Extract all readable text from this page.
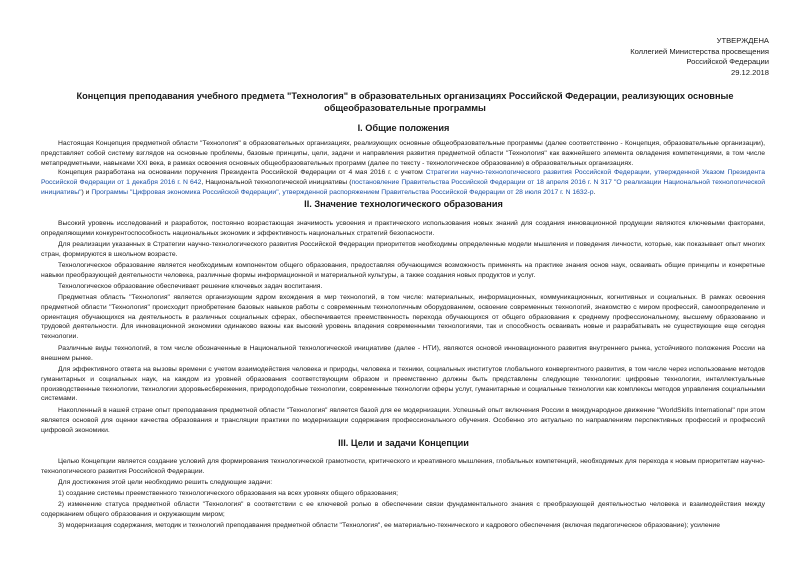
УТВЕРЖДЕНА
Коллегией Министерства просвещения
Российской Федерации
29.12.2018
Концепция преподавания учебного предмета "Технология" в образовательных организациях Российской Федерации, реализующих основные общеобразовательные программы
I. Общие положения
Настоящая Концепция предметной области "Технология" в образовательных организациях, реализующих основные общеобразовательные программы (далее соответственно - Концепция, образовательные организации), представляет собой систему взглядов на основные проблемы, базовые принципы, цели, задачи и направления развития предметной области "Технология" как важнейшего элемента овладения компетенциями, в том числе метапредметными, навыками XXI века, в рамках освоения основных общеобразовательных программ (далее по тексту - технологическое образование) в образовательных организациях.
Концепция разработана на основании поручения Президента Российской Федерации от 4 мая 2016 г. с учетом Стратегии научно-технологического развития Российской Федерации, утвержденной Указом Президента Российской Федерации от 1 декабря 2016 г. N 642, Национальной технологической инициативы (постановление Правительства Российской Федерации от 18 апреля 2016 г. N 317 "О реализации Национальной технологической инициативы") и Программы "Цифровая экономика Российской Федерации", утвержденной распоряжением Правительства Российской Федерации от 28 июля 2017 г. N 1632-р.
II. Значение технологического образования
Высокий уровень исследований и разработок, постоянно возрастающая значимость усвоения и практического использования новых знаний для создания инновационной продукции являются ключевыми факторами, определяющими конкурентоспособность национальных экономик и эффективность национальных стратегий безопасности.
Для реализации указанных в Стратегии научно-технологического развития Российской Федерации приоритетов необходимы определенные модели мышления и поведения личности, которые, как показывает опыт многих стран, формируются в школьном возрасте.
Технологическое образование является необходимым компонентом общего образования, предоставляя обучающимся возможность применять на практике знания основ наук, осваивать общие принципы и конкретные навыки преобразующей деятельности человека, различные формы информационной и материальной культуры, а также создания новых продуктов и услуг.
Технологическое образование обеспечивает решение ключевых задач воспитания.
Предметная область "Технология" является организующим ядром вхождения в мир технологий, в том числе: материальных, информационных, коммуникационных, когнитивных и социальных. В рамках освоения предметной области "Технология" происходит приобретение базовых навыков работы с современным технологичным оборудованием, освоение современных технологий, знакомство с миром профессий, самоопределение и ориентация обучающихся на деятельность в различных социальных сферах, обеспечивается преемственность перехода обучающихся от общего образования к среднему профессиональному, высшему образованию и трудовой деятельности. Для инновационной экономики одинаково важны как высокий уровень владения современными технологиями, так и способность осваивать новые и разрабатывать не существующие еще сегодня технологии.
Различные виды технологий, в том числе обозначенные в Национальной технологической инициативе (далее - НТИ), являются основой инновационного развития внутреннего рынка, устойчивого положения России на внешнем рынке.
Для эффективного ответа на вызовы времени с учетом взаимодействия человека и природы, человека и техники, социальных институтов глобального конвергентного развития, в том числе через использование методов гуманитарных и социальных наук, на каждом из уровней образования соответствующим образом и преемственно должны быть представлены следующие технологии: цифровые технологии, интеллектуальные производственные технологии, технологии здоровьесбережения, природоподобные технологии, современные технологии сферы услуг, гуманитарные и социальные технологии как комплексы методов управления социальными системами.
Накопленный в нашей стране опыт преподавания предметной области "Технология" является базой для ее модернизации. Успешный опыт включения России в международное движение "WorldSkills International" при этом является основой для оценки качества образования и трансляции практики по модернизации содержания профессионального обучения. Особенно это актуально по направлениям перспективных профессий и профессий цифровой экономики.
III. Цели и задачи Концепции
Целью Концепции является создание условий для формирования технологической грамотности, критического и креативного мышления, глобальных компетенций, необходимых для перехода к новым приоритетам научно-технологического развития Российской Федерации.
Для достижения этой цели необходимо решить следующие задачи:
1) создание системы преемственного технологического образования на всех уровнях общего образования;
2) изменение статуса предметной области "Технология" в соответствии с ее ключевой ролью в обеспечении связи фундаментального знания с преобразующей деятельностью человека и взаимодействия между содержанием общего образования и окружающим миром;
3) модернизация содержания, методик и технологий преподавания предметной области "Технология", ее материально-технического и кадрового обеспечения (включая педагогическое образование); усиление
